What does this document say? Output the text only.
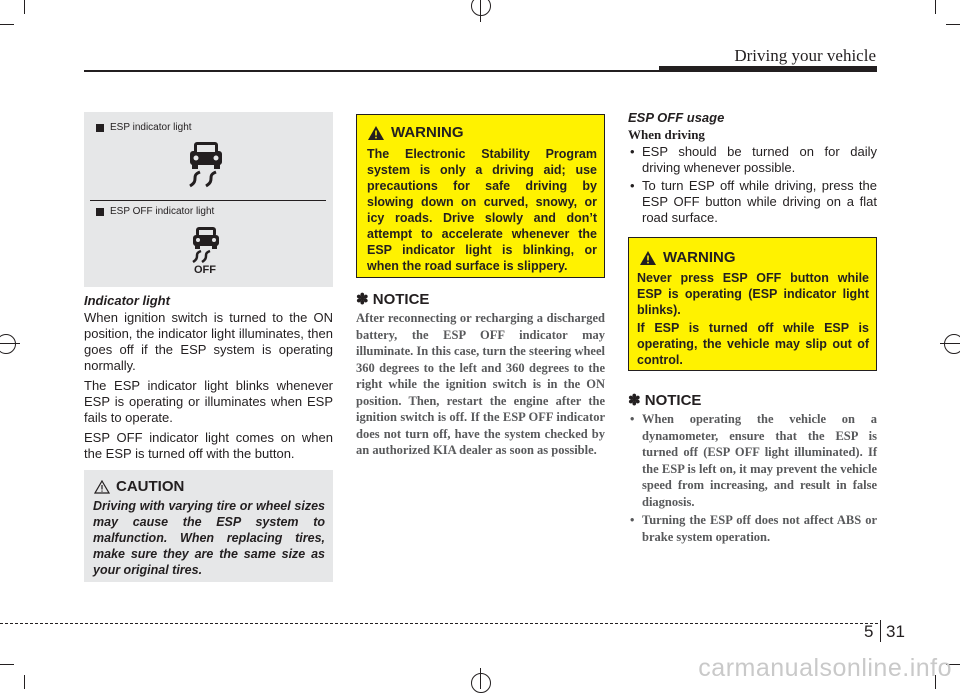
Driving your vehicle
ESP indicator light
ESP OFF indicator light
OFF
Indicator light

When ignition switch is turned to the ON position, the indicator light illuminates, then goes off if the ESP system is operating normally.

The ESP indicator light blinks whenever ESP is operating or illuminates when ESP fails to operate.

ESP OFF indicator light comes on when the ESP is turned off with the button.

CAUTION
Driving with varying tire or wheel sizes may cause the ESP system to malfunction. When replacing tires, make sure they are the same size as your original tires.
WARNING
The Electronic Stability Program system is only a driving aid; use precautions for safe driving by slowing down on curved, snowy, or icy roads. Drive slowly and don’t attempt to accelerate whenever the ESP indicator light is blinking, or when the road surface is slippery.
✽ NOTICE
After reconnecting or recharging a discharged battery, the ESP OFF indicator may illuminate. In this case, turn the steering wheel 360 degrees to the left and 360 degrees to the right while the ignition switch is in the ON position. Then, restart the engine after the ignition switch is off. If the ESP OFF indicator does not turn off, have the system checked by an authorized KIA dealer as soon as possible.
ESP OFF usage
When driving
• ESP should be turned on for daily driving whenever possible.
• To turn ESP off while driving, press the ESP OFF button while driving on a flat road surface.
WARNING
Never press ESP OFF button while ESP is operating (ESP indicator light blinks).
If ESP is turned off while ESP is operating, the vehicle may slip out of control.
✽ NOTICE
• When operating the vehicle on a dynamometer, ensure that the ESP is turned off (ESP OFF light illuminated). If the ESP is left on, it may prevent the vehicle speed from increasing, and result in false diagnosis.
• Turning the ESP off does not affect ABS or brake system operation.
5 31
carmanualsonline.info
